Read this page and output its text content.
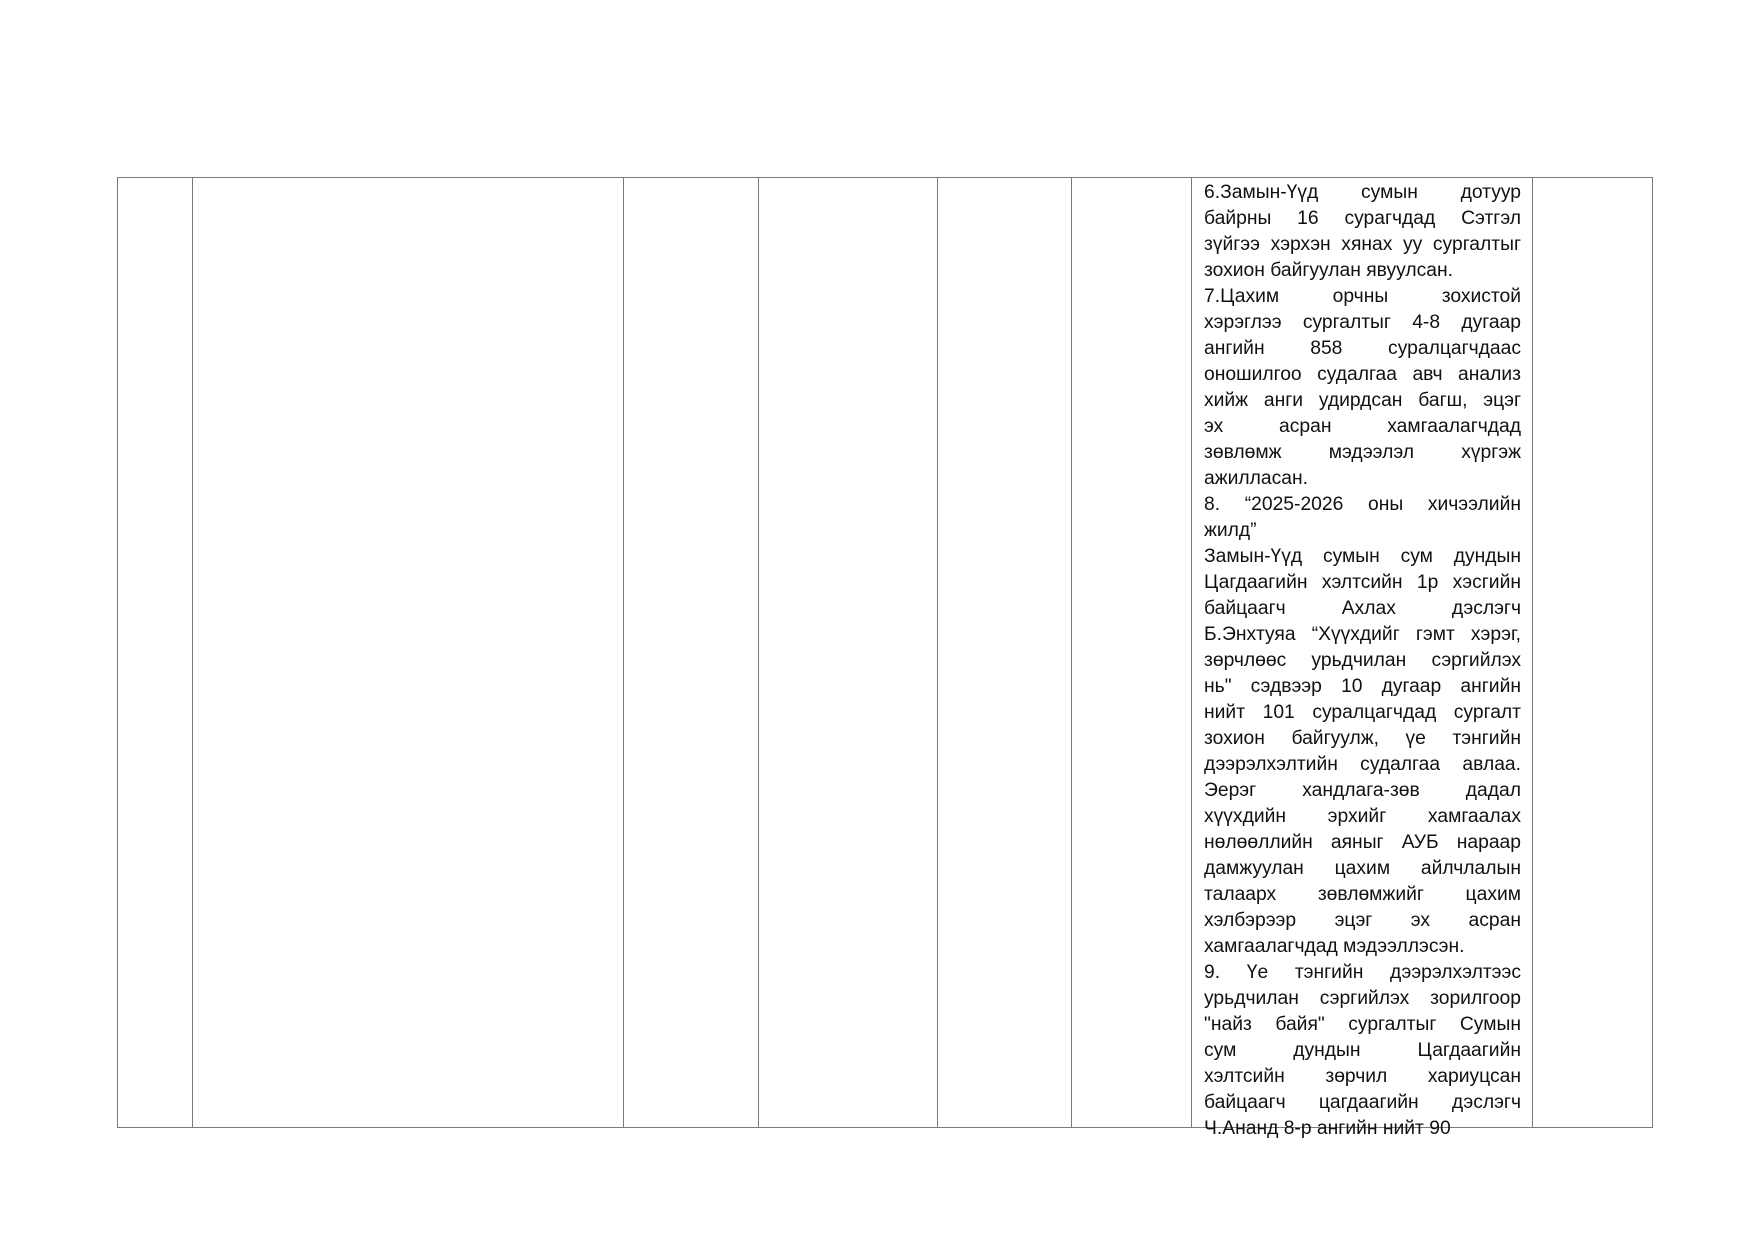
6.Замын-Үүд сумын дотуур
байрны 16 сурагчдад Сэтгэл
зүйгээ хэрхэн хянах уу сургалтыг
зохион байгуулан явуулсан.
7.Цахим орчны зохистой
хэрэглээ сургалтыг 4-8 дугаар
ангийн 858 суралцагчдаас
оношилгоо судалгаа авч анализ
хийж анги удирдсан багш, эцэг
эх асран хамгаалагчдад
зөвлөмж мэдээлэл хүргэж
ажилласан.
8. “2025-2026 оны хичээлийн
жилд”
Замын-Үүд сумын сум дундын
Цагдаагийн хэлтсийн 1р хэсгийн
байцаагч Ахлах дэслэгч
Б.Энхтуяа “Хүүхдийг гэмт хэрэг,
зөрчлөөс урьдчилан сэргийлэх
нь" сэдвээр 10 дугаар ангийн
нийт 101 суралцагчдад сургалт
зохион байгуулж, үе тэнгийн
дээрэлхэлтийн судалгаа авлаа.
Эерэг хандлага-зөв дадал
хүүхдийн эрхийг хамгаалах
нөлөөллийн аяныг АУБ нараар
дамжуулан цахим айлчлалын
талаарх зөвлөмжийг цахим
хэлбэрээр эцэг эх асран
хамгаалагчдад мэдээллэсэн.
9. Үе тэнгийн дээрэлхэлтээс
урьдчилан сэргийлэх зорилгоор
"найз байя" сургалтыг Сумын
сум дундын Цагдаагийн
хэлтсийн зөрчил хариуцсан
байцаагч цагдаагийн дэслэгч
Ч.Ананд 8-р ангийн нийт 90
